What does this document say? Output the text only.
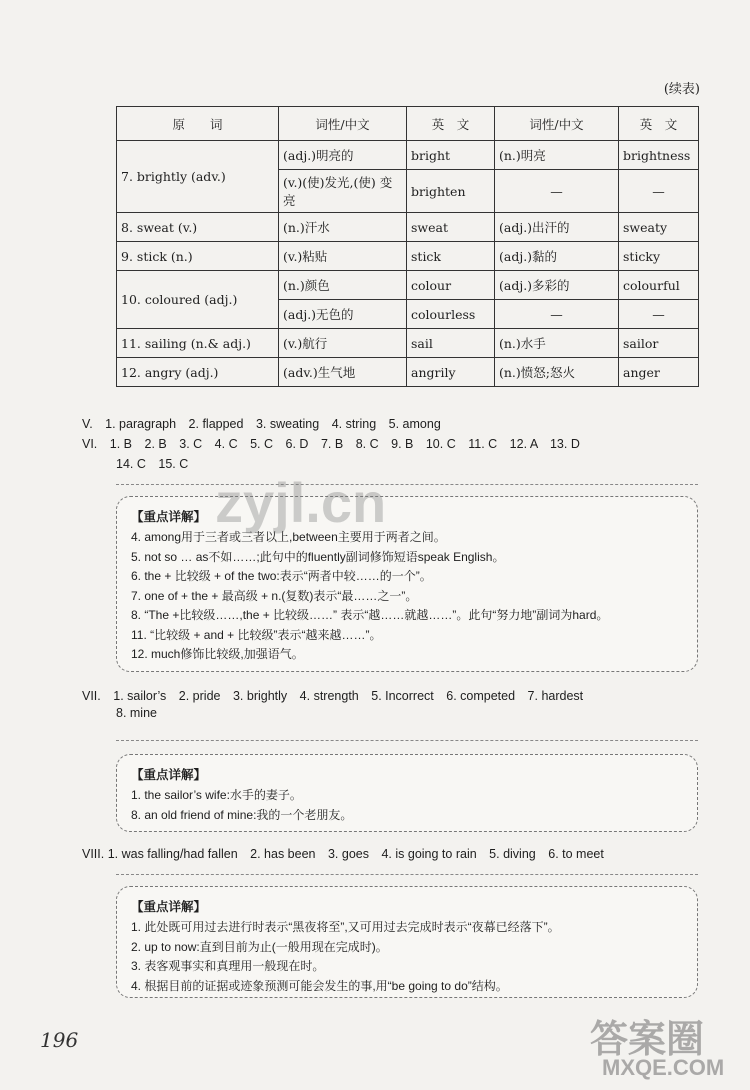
(续表)
原　　词	词性/中文	英　文	词性/中文	英　文
7. brightly (adv.)	(adj.)明亮的	bright	(n.)明亮	brightness
	(v.)(使)发光,(使) 变亮	brighten	—	—
8. sweat (v.)	(n.)汗水	sweat	(adj.)出汗的	sweaty
9. stick (n.)	(v.)粘贴	stick	(adj.)黏的	sticky
10. coloured (adj.)	(n.)颜色	colour	(adj.)多彩的	colourful
	(adj.)无色的	colourless	—	—
11. sailing (n.& adj.)	(v.)航行	sail	(n.)水手	sailor
12. angry (adj.)	(adv.)生气地	angrily	(n.)愤怒;怒火	anger
V.　1. paragraph　2. flapped　3. sweating　4. string　5. among
VI.　1. B　2. B　3. C　4. C　5. C　6. D　7. B　8. C　9. B　10. C　11. C　12. A　13. D
14. C　15. C
【重点详解】
4. among用于三者或三者以上,between主要用于两者之间。
5. not so … as不如……;此句中的fluently副词修饰短语speak English。
6. the + 比较级 + of the two:表示“两者中较……的一个”。
7. one of + the + 最高级 + n.(复数)表示“最……之一”。
8. “The +比较级……,the + 比较级……” 表示“越……就越……”。此句“努力地”副词为hard。
11. “比较级 + and + 比较级”表示“越来越……”。
12. much修饰比较级,加强语气。
VII.　1. sailor’s　2. pride　3. brightly　4. strength　5. Incorrect　6. competed　7. hardest
8. mine
【重点详解】
1. the sailor’s wife:水手的妻子。
8. an old friend of mine:我的一个老朋友。
VIII. 1. was falling/had fallen　2. has been　3. goes　4. is going to rain　5. diving　6. to meet
【重点详解】
1. 此处既可用过去进行时表示“黑夜将至”,又可用过去完成时表示“夜幕已经落下”。
2. up to now:直到目前为止(一般用现在完成时)。
3. 表客观事实和真理用一般现在时。
4. 根据目前的证据或迹象预测可能会发生的事,用“be going to do”结构。
196
zyjl.cn
答案圈
MXQE.COM
